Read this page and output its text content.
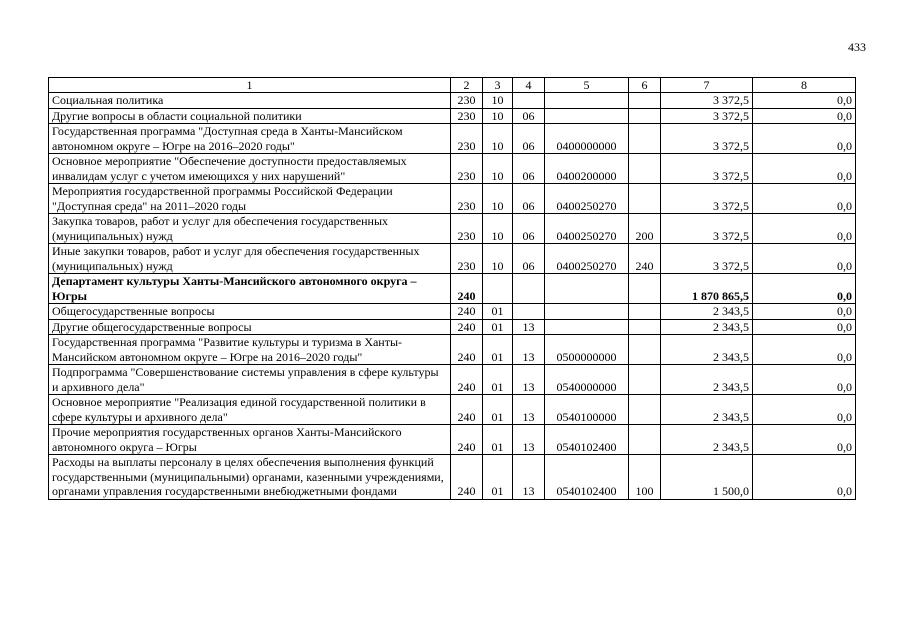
433
1	2	3	4	5	6	7	8
Социальная политика	230	10				3 372,5	0,0
Другие вопросы в области социальной политики	230	10	06			3 372,5	0,0
Государственная программа "Доступная среда в Ханты-Мансийском автономном округе – Югре на 2016–2020 годы"	230	10	06	0400000000		3 372,5	0,0
Основное мероприятие "Обеспечение доступности предоставляемых инвалидам услуг с учетом имеющихся у них нарушений"	230	10	06	0400200000		3 372,5	0,0
Мероприятия государственной программы Российской Федерации "Доступная среда" на 2011–2020 годы	230	10	06	0400250270		3 372,5	0,0
Закупка товаров, работ и услуг для обеспечения государственных (муниципальных) нужд	230	10	06	0400250270	200	3 372,5	0,0
Иные закупки товаров, работ и услуг для обеспечения государственных (муниципальных) нужд	230	10	06	0400250270	240	3 372,5	0,0
Департамент культуры Ханты-Мансийского автономного округа – Югры	240					1 870 865,5	0,0
Общегосударственные вопросы	240	01				2 343,5	0,0
Другие общегосударственные вопросы	240	01	13			2 343,5	0,0
Государственная программа "Развитие культуры и туризма в Ханты-Мансийском автономном округе – Югре на 2016–2020 годы"	240	01	13	0500000000		2 343,5	0,0
Подпрограмма "Совершенствование системы управления в сфере культуры и архивного дела"	240	01	13	0540000000		2 343,5	0,0
Основное мероприятие "Реализация единой государственной политики в сфере культуры и архивного дела"	240	01	13	0540100000		2 343,5	0,0
Прочие мероприятия государственных органов Ханты-Мансийского автономного округа – Югры	240	01	13	0540102400		2 343,5	0,0
Расходы на выплаты персоналу в целях обеспечения выполнения функций государственными (муниципальными) органами, казенными учреждениями, органами управления государственными внебюджетными фондами	240	01	13	0540102400	100	1 500,0	0,0
